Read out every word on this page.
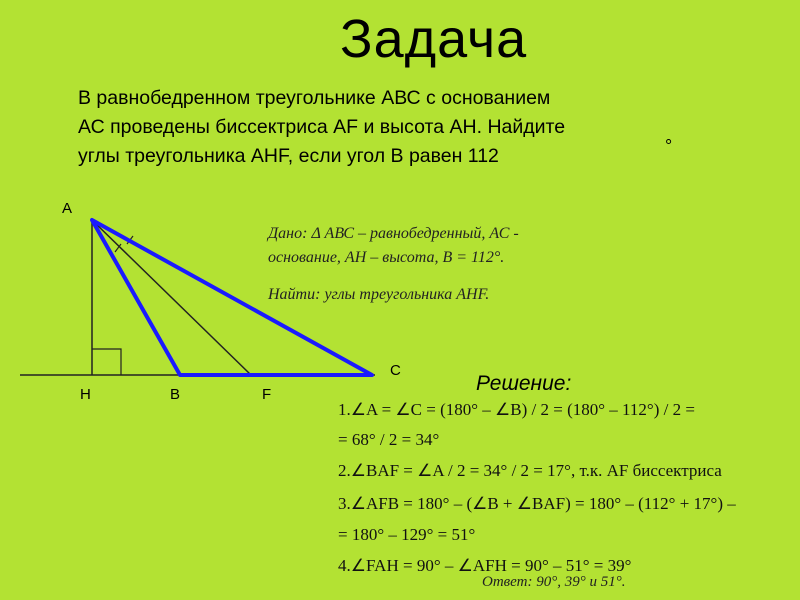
Задача
В равнобедренном треугольнике АВС с основанием
АС проведены биссектриса АF и высота АН. Найдите
углы треугольника АНF, если угол В равен 112	°
A
H	B	F
C
Дано: Δ АВС – равнобедренный, АС -
основание, АН – высота, В = 112°.
Найти: углы треугольника АНF.
Решение:
1.∠A = ∠C = (180° – ∠B) / 2 = (180° – 112°) / 2 =
= 68° / 2 = 34°
2.∠BAF = ∠A / 2 = 34° / 2 = 17°, т.к. AF биссектриса
3.∠AFB = 180° – (∠B + ∠BAF) = 180° – (112° + 17°) –
= 180° – 129° = 51°
4.∠FAH = 90° – ∠AFH = 90° – 51° = 39°
Ответ: 90°, 39° и 51°.
